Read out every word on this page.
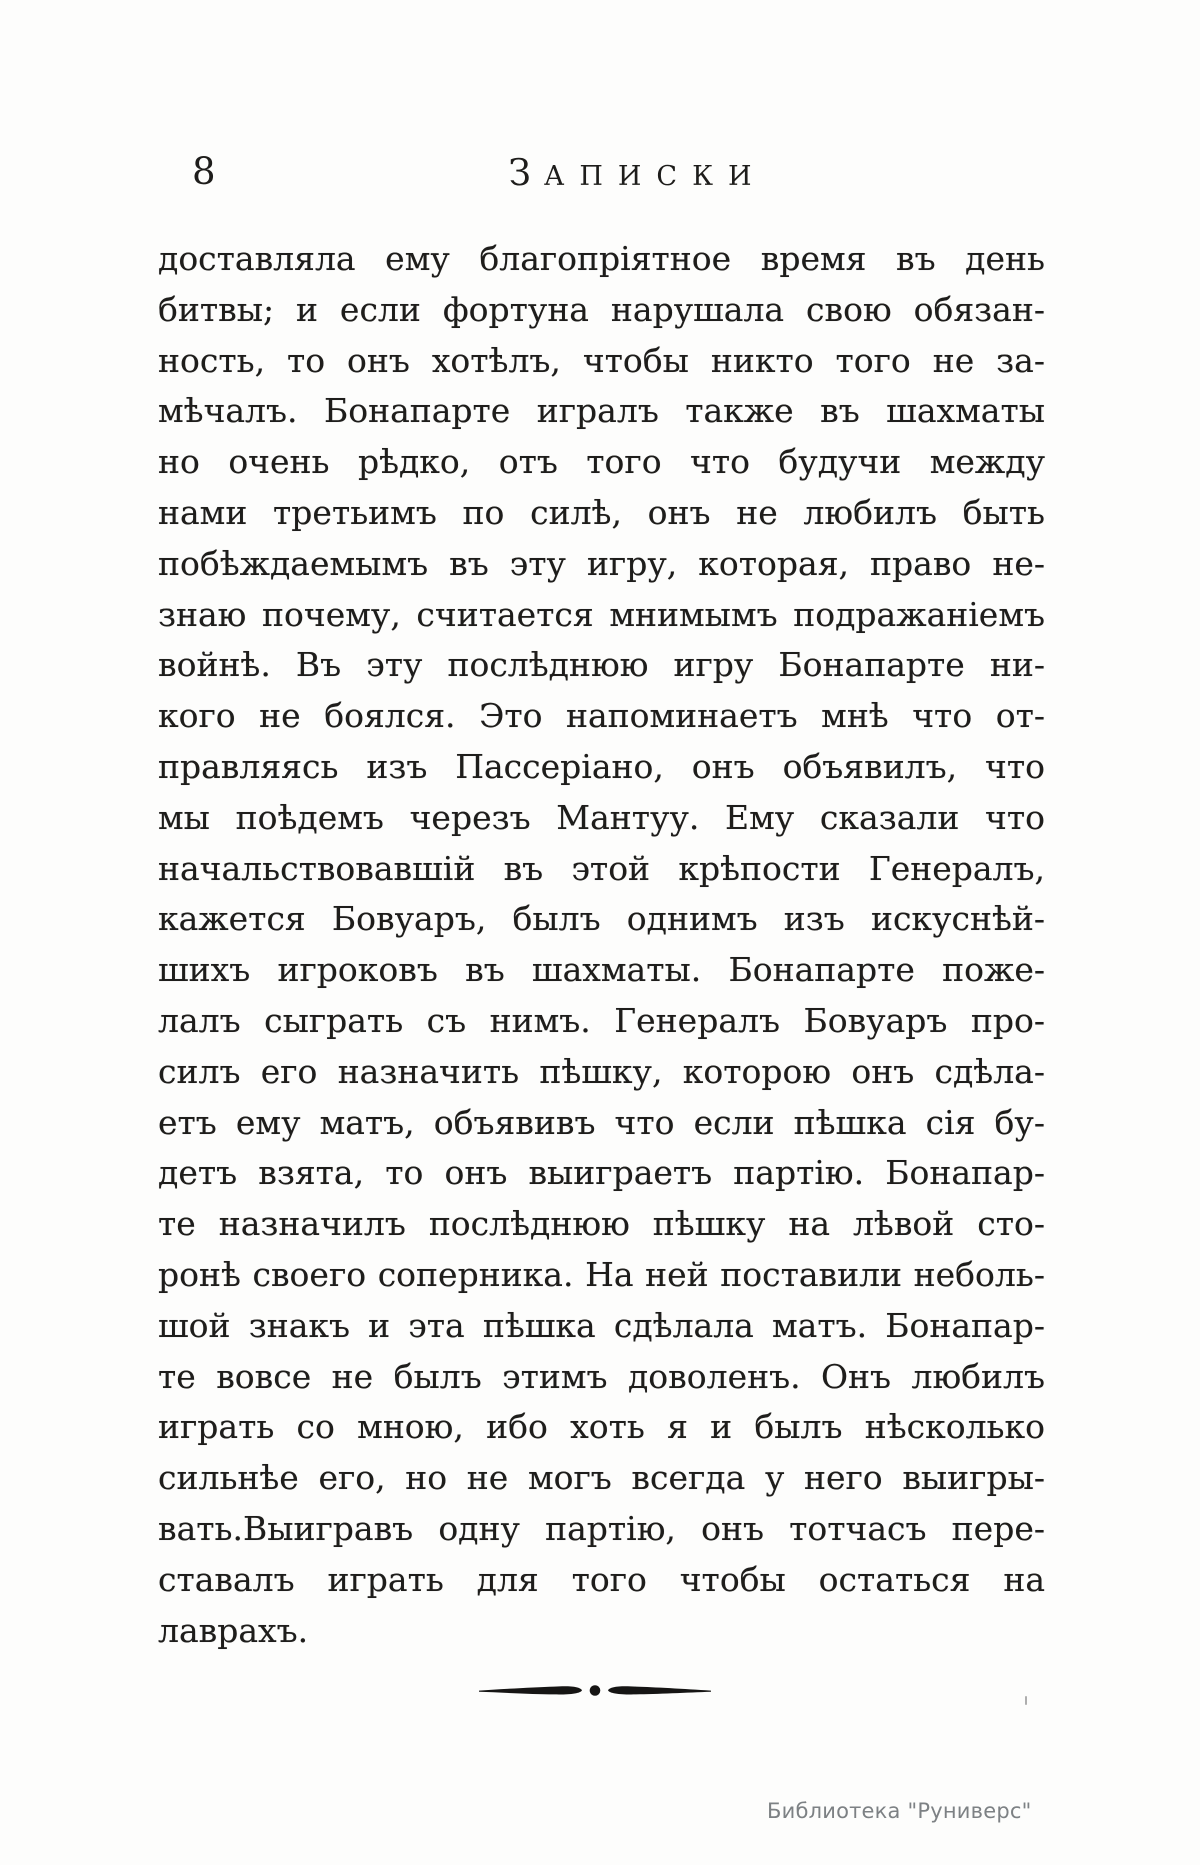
8	ЗАПИСКИ
доставляла ему благопріятное время въ день
битвы; и если фортуна нарушала свою обязан-
ность, то онъ хотѣлъ, чтобы никто того не за-
мѣчалъ. Бонапарте игралъ также въ шахматы
но очень рѣдко, отъ того что будучи между
нами третьимъ по силѣ, онъ не любилъ быть
побѣждаемымъ въ эту игру, которая, право не-
знаю почему, считается мнимымъ подражаніемъ
войнѣ. Въ эту послѣднюю игру Бонапарте ни-
кого не боялся. Это напоминаетъ мнѣ что от-
правляясь изъ Пассеріано, онъ объявилъ, что
мы поѣдемъ черезъ Мантуу. Ему сказали что
начальствовавшій въ этой крѣпости Генералъ,
кажется Бовуаръ, былъ однимъ изъ искуснѣй-
шихъ игроковъ въ шахматы. Бонапарте поже-
лалъ сыграть съ нимъ. Генералъ Бовуаръ про-
силъ его назначить пѣшку, которою онъ сдѣла-
етъ ему матъ, объявивъ что если пѣшка сія бу-
детъ взята, то онъ выиграетъ партію. Бонапар-
те назначилъ послѣднюю пѣшку на лѣвой сто-
ронѣ своего соперника. На ней поставили неболь-
шой знакъ и эта пѣшка сдѣлала матъ. Бонапар-
те вовсе не былъ этимъ доволенъ. Онъ любилъ
играть со мною, ибо хоть я и былъ нѣсколько
сильнѣе его, но не могъ всегда у него выигры-
вать.Выигравъ одну партію, онъ тотчасъ пере-
ставалъ играть для того чтобы остаться на
лаврахъ.
Библиотека "Руниверс"
